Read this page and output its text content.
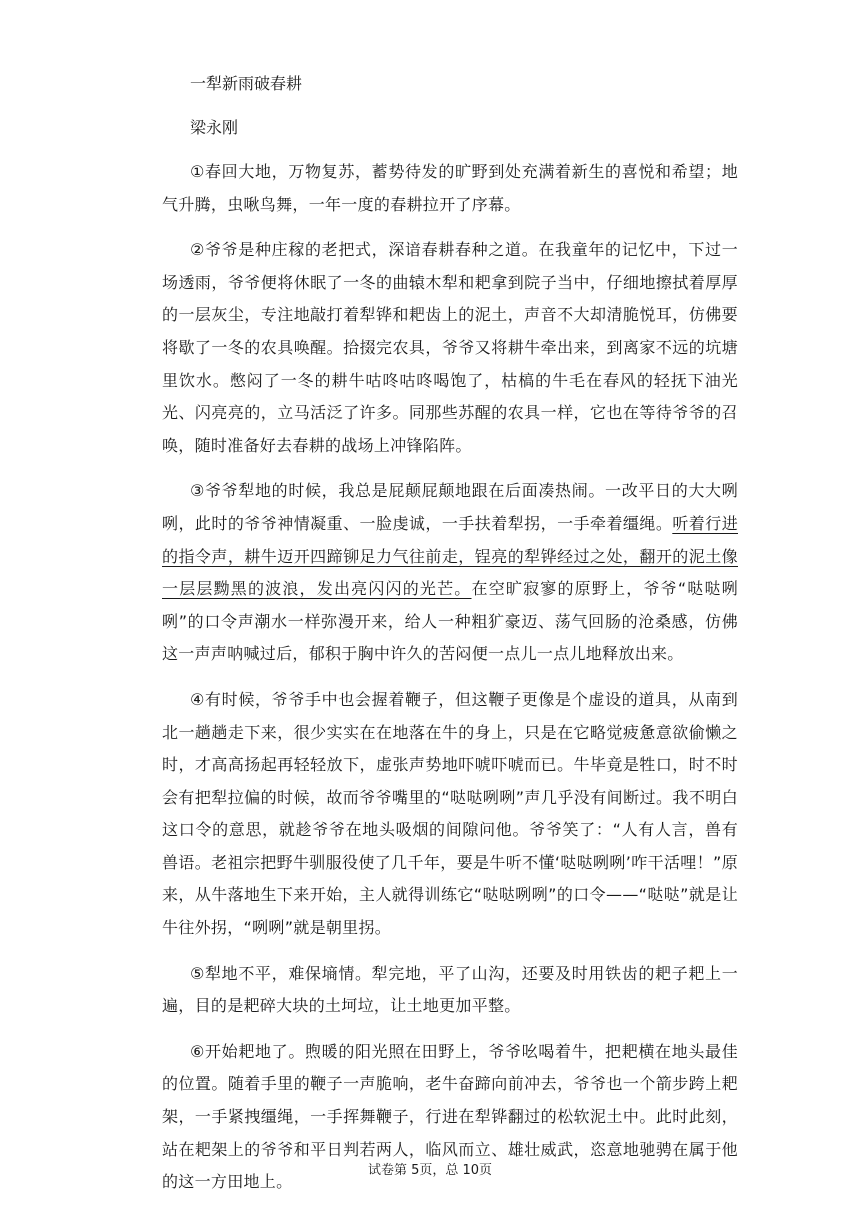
一犁新雨破春耕
梁永刚

①春回大地，万物复苏，蓄势待发的旷野到处充满着新生的喜悦和希望；地气升腾，虫啾鸟舞，一年一度的春耕拉开了序幕。

②爷爷是种庄稼的老把式，深谙春耕春种之道。在我童年的记忆中，下过一场透雨，爷爷便将休眠了一冬的曲辕木犁和耙拿到院子当中，仔细地擦拭着厚厚的一层灰尘，专注地敲打着犁铧和耙齿上的泥土，声音不大却清脆悦耳，仿佛要将歇了一冬的农具唤醒。拾掇完农具，爷爷又将耕牛牵出来，到离家不远的坑塘里饮水。憋闷了一冬的耕牛咕咚咕咚喝饱了，枯槁的牛毛在春风的轻抚下油光光、闪亮亮的，立马活泛了许多。同那些苏醒的农具一样，它也在等待爷爷的召唤，随时准备好去春耕的战场上冲锋陷阵。

③爷爷犁地的时候，我总是屁颠屁颠地跟在后面凑热闹。一改平日的大大咧咧，此时的爷爷神情凝重、一脸虔诚，一手扶着犁拐，一手牵着缰绳。听着行进的指令声，耕牛迈开四蹄铆足力气往前走，锃亮的犁铧经过之处，翻开的泥土像一层层黝黑的波浪，发出亮闪闪的光芒。在空旷寂寥的原野上，爷爷“哒哒咧咧”的口令声潮水一样弥漫开来，给人一种粗犷豪迈、荡气回肠的沧桑感，仿佛这一声声呐喊过后，郁积于胸中许久的苦闷便一点儿一点儿地释放出来。

④有时候，爷爷手中也会握着鞭子，但这鞭子更像是个虚设的道具，从南到北一趟趟走下来，很少实实在在地落在牛的身上，只是在它略觉疲惫意欲偷懒之时，才高高扬起再轻轻放下，虚张声势地吓唬吓唬而已。牛毕竟是牲口，时不时会有把犁拉偏的时候，故而爷爷嘴里的“哒哒咧咧”声几乎没有间断过。我不明白这口令的意思，就趁爷爷在地头吸烟的间隙问他。爷爷笑了：“人有人言，兽有兽语。老祖宗把野牛驯服役使了几千年，要是牛听不懂‘哒哒咧咧’咋干活哩！”原来，从牛落地生下来开始，主人就得训练它“哒哒咧咧”的口令——“哒哒”就是让牛往外拐，“咧咧”就是朝里拐。

⑤犁地不平，难保墒情。犁完地，平了山沟，还要及时用铁齿的耙子耙上一遍，目的是耙碎大块的土坷垃，让土地更加平整。

⑥开始耙地了。煦暖的阳光照在田野上，爷爷吆喝着牛，把耙横在地头最佳的位置。随着手里的鞭子一声脆响，老牛奋蹄向前冲去，爷爷也一个箭步跨上耙架，一手紧拽缰绳，一手挥舞鞭子，行进在犁铧翻过的松软泥土中。此时此刻，站在耙架上的爷爷和平日判若两人，临风而立、雄壮威武，恣意地驰骋在属于他的这一方田地上。

试卷第 5页，总 10页
